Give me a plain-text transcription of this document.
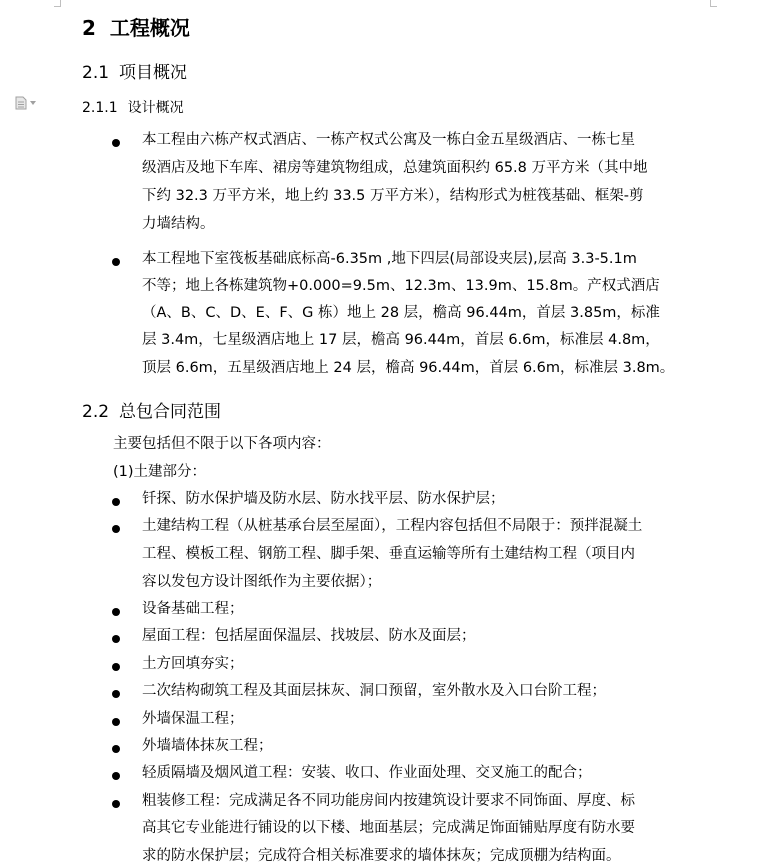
2 工程概况
2.1 项目概况
2.1.1 设计概况
本工程由六栋产权式酒店、一栋产权式公寓及一栋白金五星级酒店、一栋七星
级酒店及地下车库、裙房等建筑物组成，总建筑面积约 65.8 万平方米（其中地
下约 32.3 万平方米，地上约 33.5 万平方米），结构形式为桩筏基础、框架-剪
力墙结构。
本工程地下室筏板基础底标高-6.35m ,地下四层(局部设夹层),层高 3.3-5.1m
不等；地上各栋建筑物+0.000=9.5m、12.3m、13.9m、15.8m。产权式酒店
（A、B、C、D、E、F、G 栋）地上 28 层，檐高 96.44m，首层 3.85m，标准
层 3.4m，七星级酒店地上 17 层，檐高 96.44m，首层 6.6m，标准层 4.8m，
顶层 6.6m，五星级酒店地上 24 层，檐高 96.44m，首层 6.6m，标准层 3.8m。
2.2 总包合同范围
主要包括但不限于以下各项内容：
(1)土建部分：
钎探、防水保护墙及防水层、防水找平层、防水保护层；
土建结构工程（从桩基承台层至屋面），工程内容包括但不局限于：预拌混凝土
工程、模板工程、钢筋工程、脚手架、垂直运输等所有土建结构工程（项目内
容以发包方设计图纸作为主要依据）；
设备基础工程；
屋面工程：包括屋面保温层、找坡层、防水及面层；
土方回填夯实；
二次结构砌筑工程及其面层抹灰、洞口预留，室外散水及入口台阶工程；
外墙保温工程；
外墙墙体抹灰工程；
轻质隔墙及烟风道工程：安装、收口、作业面处理、交叉施工的配合；
粗装修工程：完成满足各不同功能房间内按建筑设计要求不同饰面、厚度、标
高其它专业能进行铺设的以下楼、地面基层；完成满足饰面铺贴厚度有防水要
求的防水保护层；完成符合相关标准要求的墙体抹灰；完成顶棚为结构面。
